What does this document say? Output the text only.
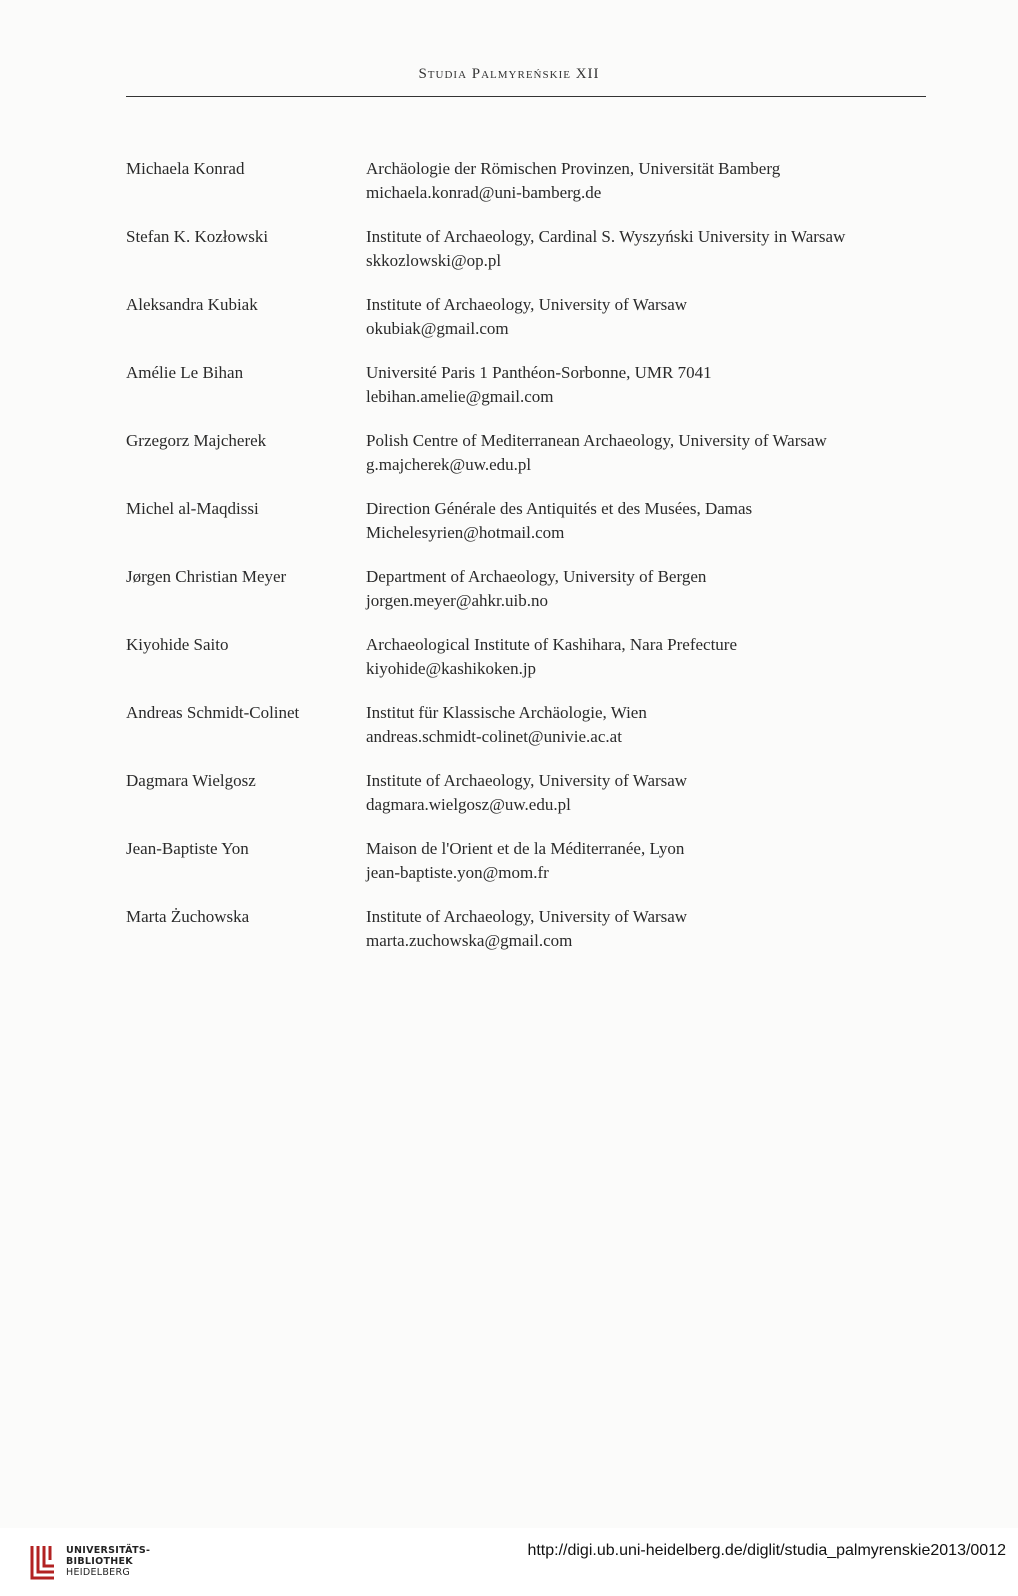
Studia Palmyreńskie XII
Michaela Konrad	Archäologie der Römischen Provinzen, Universität Bamberg
michaela.konrad@uni-bamberg.de
Stefan K. Kozłowski	Institute of Archaeology, Cardinal S. Wyszyński University in Warsaw
skkozlowski@op.pl
Aleksandra Kubiak	Institute of Archaeology, University of Warsaw
okubiak@gmail.com
Amélie Le Bihan	Université Paris 1 Panthéon-Sorbonne, UMR 7041
lebihan.amelie@gmail.com
Grzegorz Majcherek	Polish Centre of Mediterranean Archaeology, University of Warsaw
g.majcherek@uw.edu.pl
Michel al-Maqdissi	Direction Générale des Antiquités et des Musées, Damas
Michelesyrien@hotmail.com
Jørgen Christian Meyer	Department of Archaeology, University of Bergen
jorgen.meyer@ahkr.uib.no
Kiyohide Saito	Archaeological Institute of Kashihara, Nara Prefecture
kiyohide@kashikoken.jp
Andreas Schmidt-Colinet	Institut für Klassische Archäologie, Wien
andreas.schmidt-colinet@univie.ac.at
Dagmara Wielgosz	Institute of Archaeology, University of Warsaw
dagmara.wielgosz@uw.edu.pl
Jean-Baptiste Yon	Maison de l'Orient et de la Méditerranée, Lyon
jean-baptiste.yon@mom.fr
Marta Żuchowska	Institute of Archaeology, University of Warsaw
marta.zuchowska@gmail.com
UNIVERSITÄTS-
BIBLIOTHEK
HEIDELBERG
http://digi.ub.uni-heidelberg.de/diglit/studia_palmyrenskie2013/0012
